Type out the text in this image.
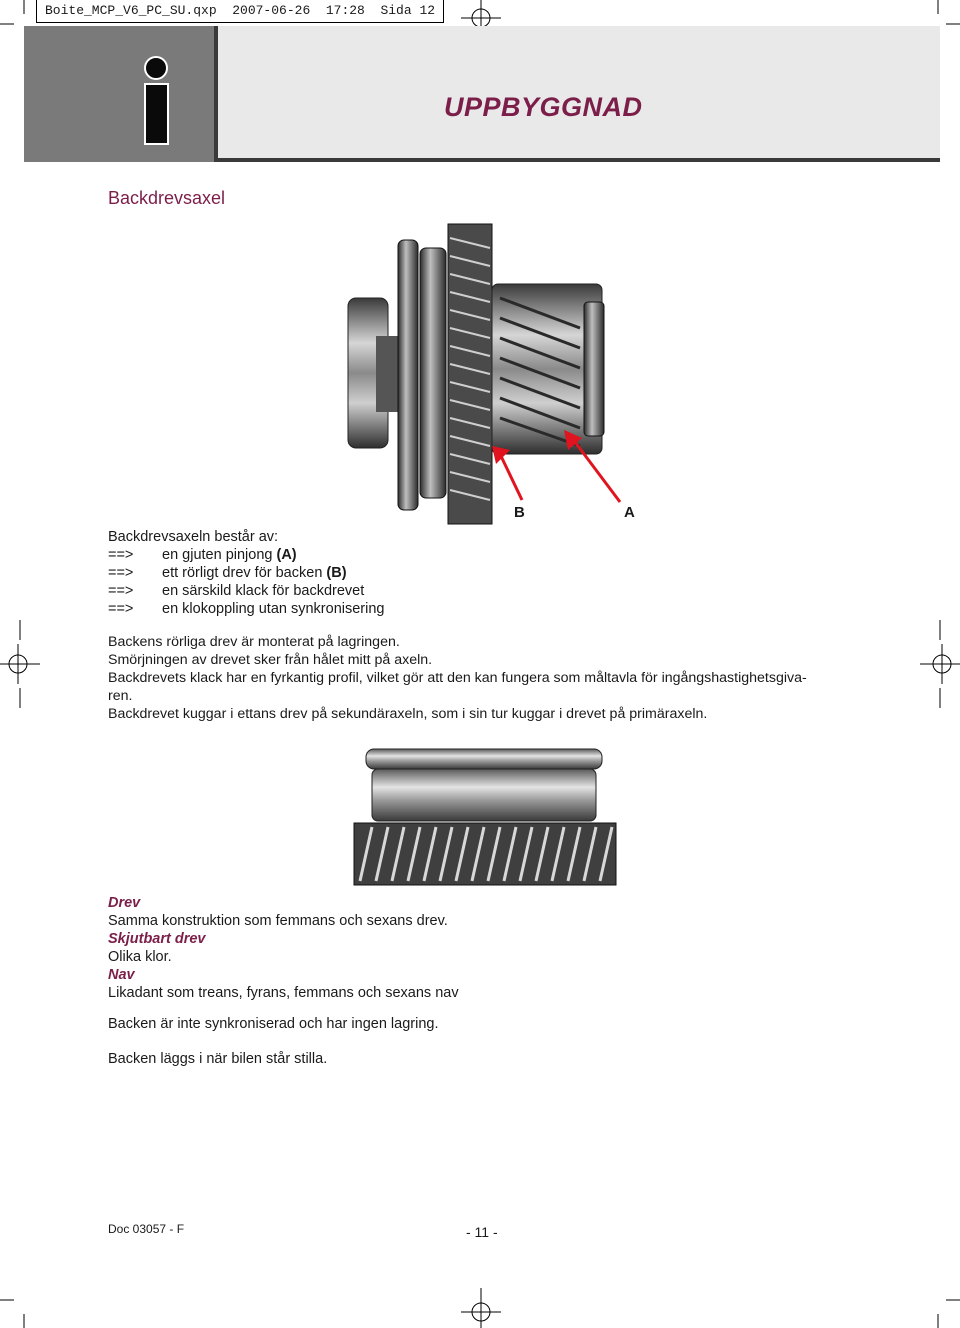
Boite_MCP_V6_PC_SU.qxp  2007-06-26  17:28  Sida 12
UPPBYGGNAD
Backdrevsaxel
B	A
Backdrevsaxeln består av:
==>	en gjuten pinjong (A)
==>	ett rörligt drev för backen (B)
==>	en särskild klack för backdrevet
==>	en klokoppling utan synkronisering
Backens rörliga drev är monterat på lagringen.
Smörjningen av drevet sker från hålet mitt på axeln.
Backdrevets klack har en fyrkantig profil, vilket gör att den kan fungera som måltavla för ingångshastighetsgiva-
ren.
Backdrevet kuggar i ettans drev på sekundäraxeln, som i sin tur kuggar i drevet på primäraxeln.
Drev
Samma konstruktion som femmans och sexans drev.
Skjutbart drev
Olika klor.
Nav
Likadant som treans, fyrans, femmans och sexans nav
Backen är inte synkroniserad och har ingen lagring.
Backen läggs i när bilen står stilla.
Doc 03057 - F	- 11 -
